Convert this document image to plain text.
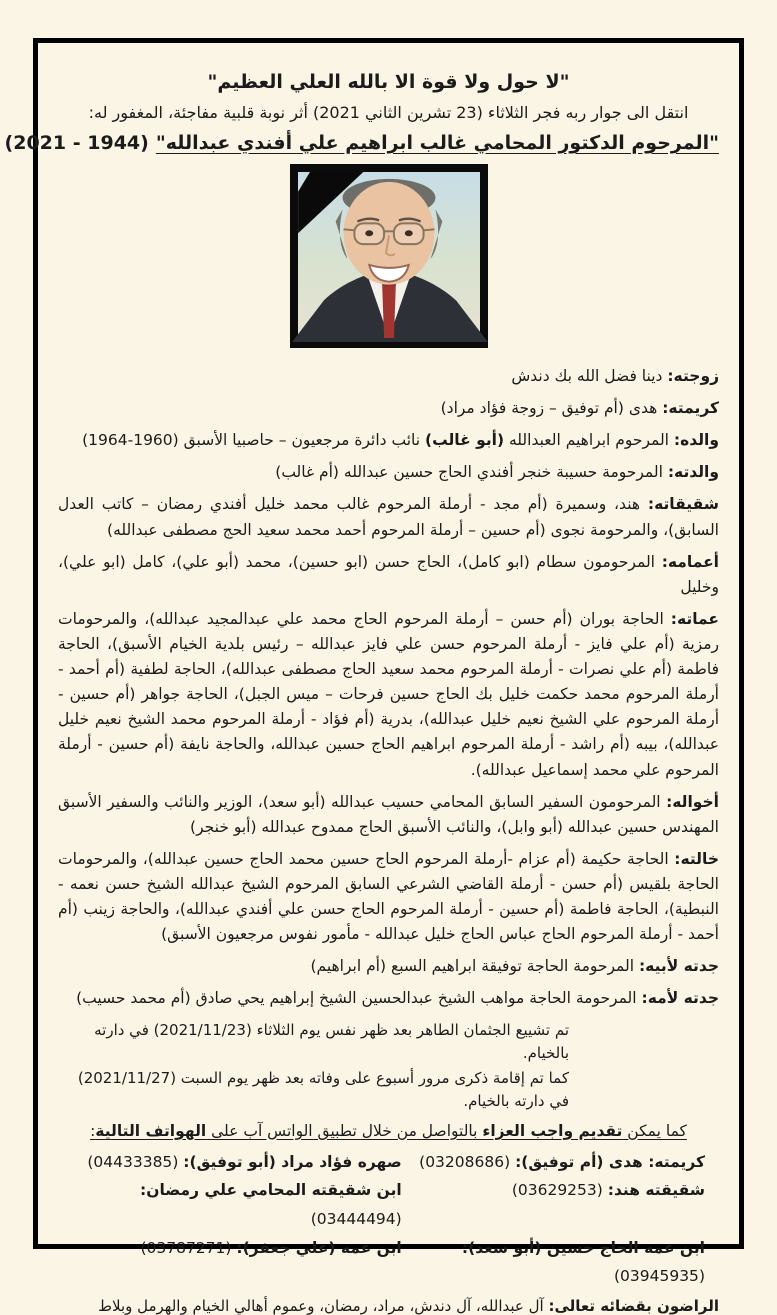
"لا حول ولا قوة الا بالله العلي العظيم"
انتقل الى جوار ربه فجر الثلاثاء (23 تشرين الثاني 2021) أثر نوبة قلبية مفاجئة، المغفور له:
"المرحوم الدكتور المحامي غالب ابراهيم علي أفندي عبدالله"(1944 - 2021)

زوجته: دينا فضل الله بك دندش

كريمته: هدى (أم توفيق – زوجة فؤاد مراد)

والده: المرحوم ابراهيم العبدالله (أبو غالب) نائب دائرة مرجعيون – حاصبيا الأسبق (1960-1964)

والدته: المرحومة حسيبة خنجر أفندي الحاج حسين عبدالله (أم غالب)

شقيقاته: هند، وسميرة (أم مجد - أرملة المرحوم غالب محمد خليل أفندي رمضان – كاتب العدل السابق)، والمرحومة نجوى (أم حسين – أرملة المرحوم أحمد محمد سعيد الحج مصطفى عبدالله)

أعمامه: المرحومون سطام (ابو كامل)، الحاج حسن (ابو حسين)، محمد (أبو علي)، كامل (ابو علي)، وخليل

عماته: الحاجة بوران (أم حسن – أرملة المرحوم الحاج محمد علي عبدالمجيد عبدالله)، والمرحومات رمزية (أم علي فايز - أرملة المرحوم حسن علي فايز عبدالله – رئيس بلدية الخيام الأسبق)، الحاجة فاطمة (أم علي نصرات - أرملة المرحوم محمد سعيد الحاج مصطفى عبدالله)، الحاجة لطفية (أم أحمد - أرملة المرحوم محمد حكمت خليل بك الحاج حسين فرحات – ميس الجبل)، الحاجة جواهر (أم حسين - أرملة المرحوم علي الشيخ نعيم خليل عبدالله)، بدرية (أم فؤاد - أرملة المرحوم محمد الشيخ نعيم خليل عبدالله)، بيبه (أم راشد - أرملة المرحوم ابراهيم الحاج حسين عبدالله، والحاجة نايفة (أم حسين - أرملة المرحوم علي محمد إسماعيل عبدالله).

أخواله: المرحومون السفير السابق المحامي حسيب عبدالله (أبو سعد)، الوزير والنائب والسفير الأسبق المهندس حسين عبدالله (أبو وابل)، والنائب الأسبق الحاج ممدوح عبدالله (أبو خنجر)

خالته: الحاجة حكيمة (أم عزام -أرملة المرحوم الحاج حسين محمد الحاج حسين عبدالله)، والمرحومات الحاجة بلقيس (أم حسن - أرملة القاضي الشرعي السابق المرحوم الشيخ عبدالله الشيخ حسن نعمه - النبطية)، الحاجة فاطمة (أم حسين - أرملة المرحوم الحاج حسن علي أفندي عبدالله)، والحاجة زينب (أم أحمد - أرملة المرحوم الحاج عباس الحاج خليل عبدالله - مأمور نفوس مرجعيون الأسبق)

جدته لأبيه: المرحومة الحاجة توفيقة ابراهيم السبع (أم ابراهيم)

جدته لأمه: المرحومة الحاجة مواهب الشيخ عبدالحسين الشيخ إبراهيم يحي صادق (أم محمد حسيب)

تم تشييع الجثمان الطاهر بعد ظهر نفس يوم الثلاثاء (2021/11/23) في دارته بالخيام.

كما تم إقامة ذكرى مرور أسبوع على وفاته بعد ظهر يوم السبت (2021/11/27) في دارته بالخيام.

كما يمكن تقديم واجب العزاء بالتواصل من خلال تطبيق الواتس آب على الهواتف التالية:

كريمته: هدى (أم توفيق): (03208686)
صهره فؤاد مراد (أبو توفيق): (04433385)
شقيقته هند: (03629253)
ابن شقيقته المحامي علي رمضان: (03444494)
ابن عمه الحاج حسين (أبو سعد): (03945935)
ابن عمه (علي جعفر): (03787271)

الراضون بقضائه تعالى: آل عبدالله، آل دندش، مراد، رمضان، وعموم أهالي الخيام والهرمل وبلاط
